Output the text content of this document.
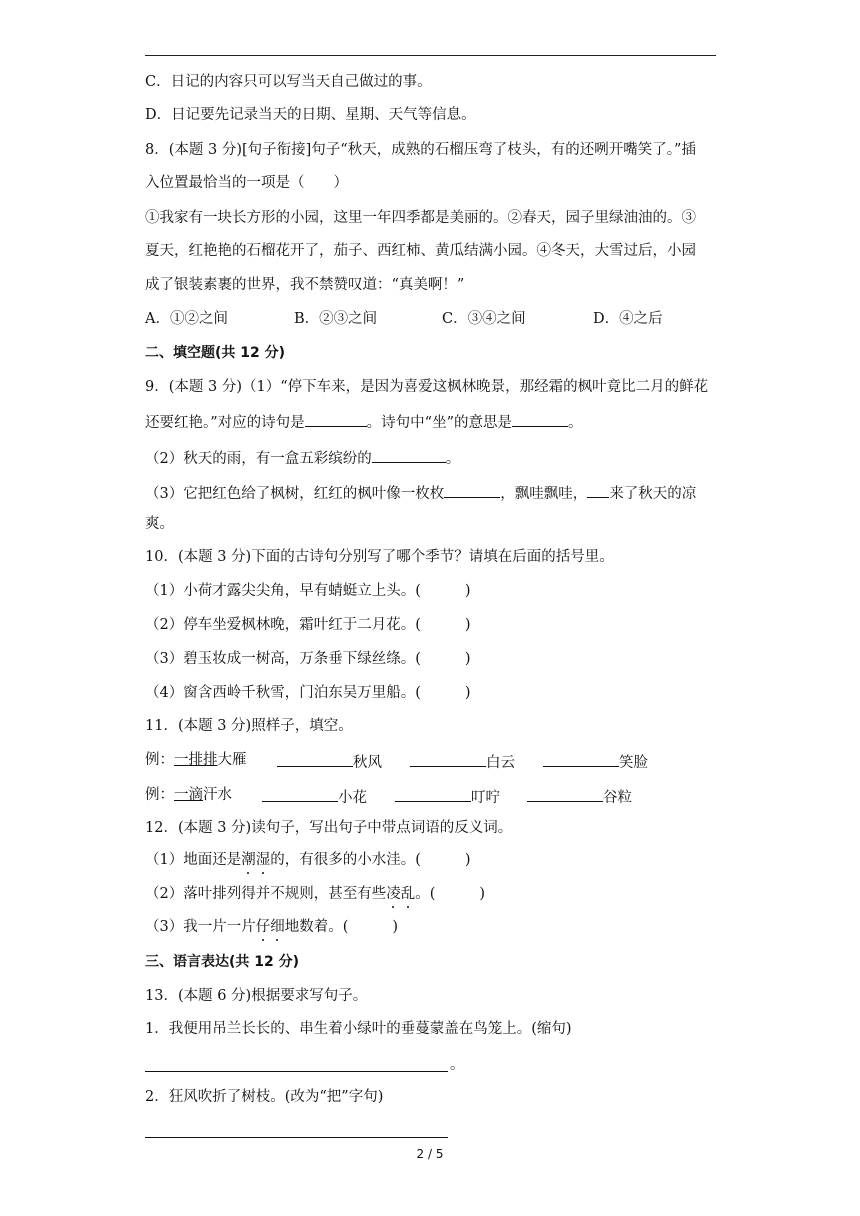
C．日记的内容只可以写当天自己做过的事。
D．日记要先记录当天的日期、星期、天气等信息。
8．(本题 3 分)[句子衔接]句子“秋天，成熟的石榴压弯了枝头，有的还咧开嘴笑了。”插
入位置最恰当的一项是（　　）
①我家有一块长方形的小园，这里一年四季都是美丽的。②春天，园子里绿油油的。③
夏天，红艳艳的石榴花开了，茄子、西红柿、黄瓜结满小园。④冬天，大雪过后，小园
成了银装素裹的世界，我不禁赞叹道：“真美啊！”
A．①②之间	B．②③之间	C．③④之间	D．④之后
二、填空题(共 12 分)
9．(本题 3 分)（1）“停下车来，是因为喜爱这枫林晚景，那经霜的枫叶竟比二月的鲜花
还要红艳。”对应的诗句是	。诗句中“坐”的意思是	。
（2）秋天的雨，有一盒五彩缤纷的	。
（3）它把红色给了枫树，红红的枫叶像一枚枚	，飘哇飘哇， 来了秋天的凉
爽。
10．(本题 3 分)下面的古诗句分别写了哪个季节？请填在后面的括号里。
（1）小荷才露尖尖角，早有蜻蜓立上头。(	)
（2）停车坐爱枫林晚，霜叶红于二月花。(	)
（3）碧玉妆成一树高，万条垂下绿丝绦。(	)
（4）窗含西岭千秋雪，门泊东吴万里船。(	)
11．(本题 3 分)照样子，填空。
例：一排排大雁	秋风	白云	笑脸
例：一滴汗水	小花	叮咛	谷粒
12．(本题 3 分)读句子，写出句子中带点词语的反义词。
（1）地面还是潮湿的，有很多的小水洼。(	)
（2）落叶排列得并不规则，甚至有些凌乱。(	)
（3）我一片一片仔细地数着。(	)
三、语言表达(共 12 分)
13．(本题 6 分)根据要求写句子。
1．我便用吊兰长长的、串生着小绿叶的垂蔓蒙盖在鸟笼上。(缩句)
。
2．狂风吹折了树枝。(改为“把”字句)
2 / 5
